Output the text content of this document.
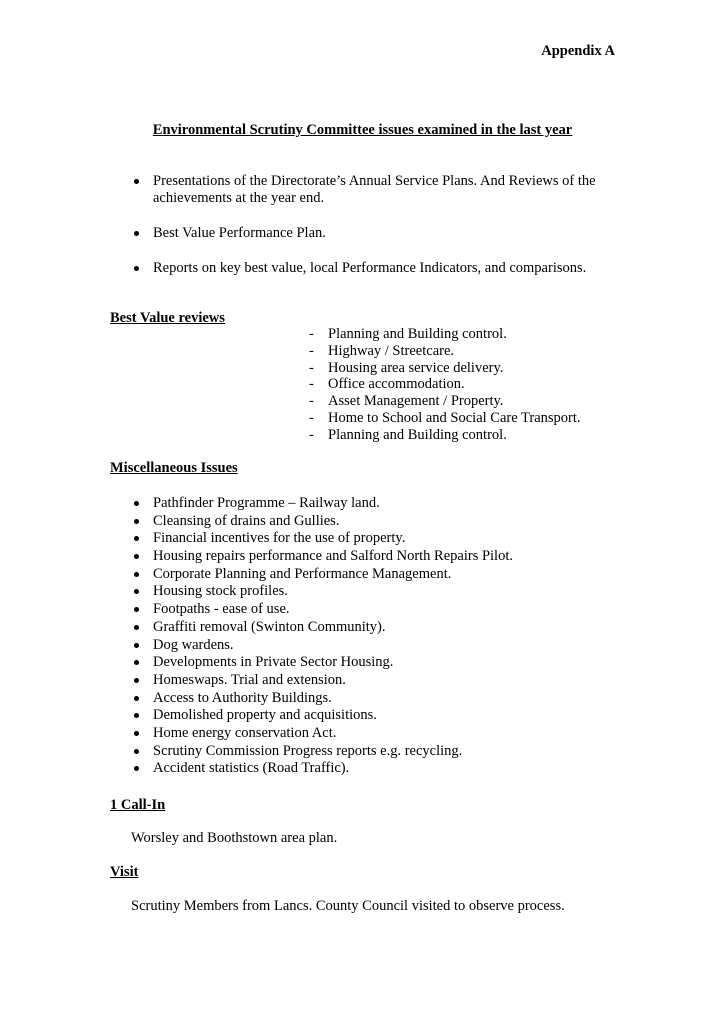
Appendix A
Environmental Scrutiny Committee issues examined in the last year
Presentations of the Directorate’s Annual Service Plans. And Reviews of the achievements at the year end.
Best Value Performance Plan.
Reports on key best value, local Performance Indicators, and comparisons.
Best Value reviews
- Planning and Building control.
- Highway / Streetcare.
- Housing area service delivery.
- Office accommodation.
- Asset Management / Property.
- Home to School and Social Care Transport.
- Planning and Building control.
Miscellaneous Issues
Pathfinder Programme – Railway land.
Cleansing of drains and Gullies.
Financial incentives for the use of property.
Housing repairs performance and Salford North Repairs Pilot.
Corporate Planning and Performance Management.
Housing stock profiles.
Footpaths - ease of use.
Graffiti removal (Swinton Community).
Dog wardens.
Developments in Private Sector Housing.
Homeswaps. Trial and extension.
Access to Authority Buildings.
Demolished property and acquisitions.
Home energy conservation Act.
Scrutiny Commission Progress reports e.g. recycling.
Accident statistics (Road Traffic).
1 Call-In
Worsley and Boothstown area plan.
Visit
Scrutiny Members from Lancs. County Council visited to observe process.
